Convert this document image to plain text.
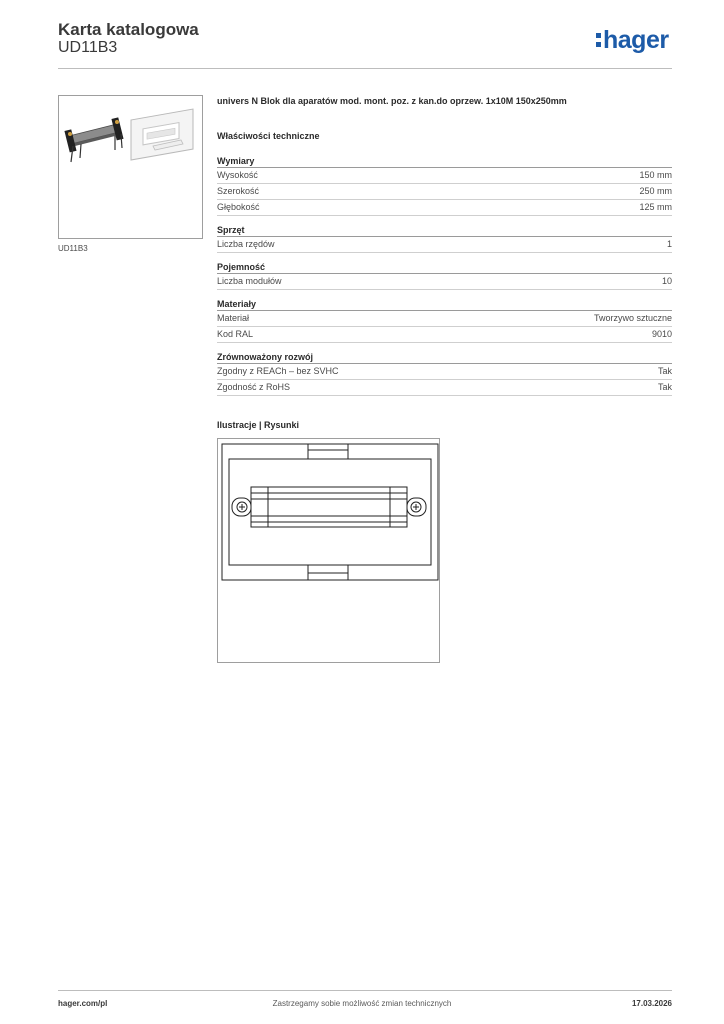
Karta katalogowa
UD11B3	hager
UD11B3
univers N Blok dla aparatów mod. mont. poz. z kan.do oprzew. 1x10M 150x250mm
Właściwości techniczne
Wymiary
Wysokość	150 mm
Szerokość	250 mm
Głębokość	125 mm
Sprzęt
Liczba rzędów	1
Pojemność
Liczba modułów	10
Materiały
Materiał	Tworzywo sztuczne
Kod RAL	9010
Zrównoważony rozwój
Zgodny z REACh – bez SVHC	Tak
Zgodność z RoHS	Tak
Ilustracje | Rysunki
hager.com/pl	Zastrzegamy sobie możliwość zmian technicznych	17.03.2026
